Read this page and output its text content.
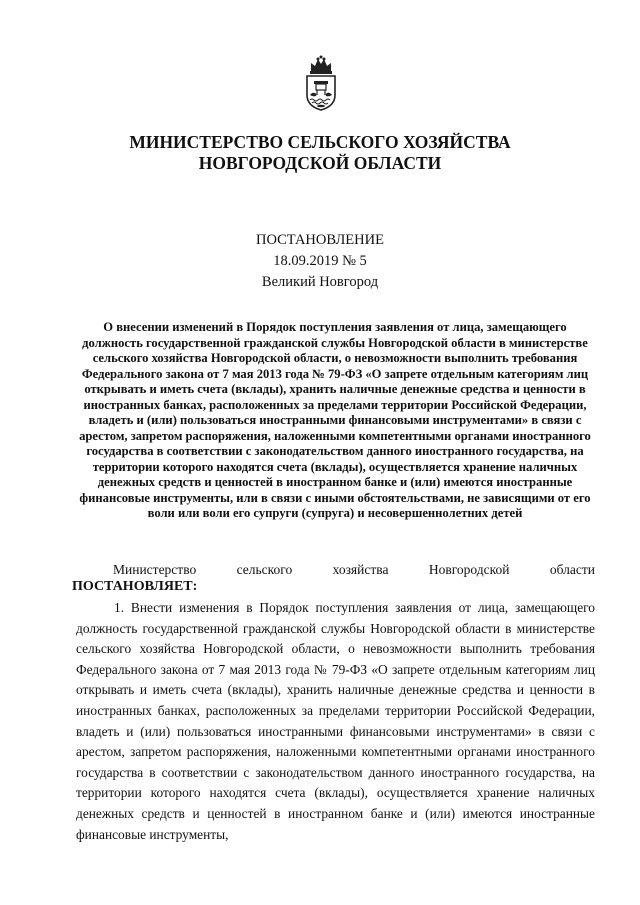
МИНИСТЕРСТВО СЕЛЬСКОГО ХОЗЯЙСТВА
НОВГОРОДСКОЙ ОБЛАСТИ
ПОСТАНОВЛЕНИЕ
18.09.2019 № 5
Великий Новгород
О внесении изменений в Порядок поступления заявления от лица, замещающего должность государственной гражданской службы Новгородской области в министерстве сельского хозяйства Новгородской области, о невозможности выполнить требования Федерального закона от 7 мая 2013 года № 79-ФЗ «О запрете отдельным категориям лиц открывать и иметь счета (вклады), хранить наличные денежные средства и ценности в иностранных банках, расположенных за пределами территории Российской Федерации, владеть и (или) пользоваться иностранными финансовыми инструментами» в связи с арестом, запретом распоряжения, наложенными компетентными органами иностранного государства в соответствии с законодательством данного иностранного государства, на территории которого находятся счета (вклады), осуществляется хранение наличных денежных средств и ценностей в иностранном банке и (или) имеются иностранные финансовые инструменты, или в связи с иными обстоятельствами, не зависящими от его воли или воли его супруги (супруга) и несовершеннолетних детей
Министерство	сельского	хозяйства	Новгородской	области
ПОСТАНОВЛЯЕТ:

1. Внести изменения в Порядок поступления заявления от лица, замещающего должность государственной гражданской службы Новгородской области в министерстве сельского хозяйства Новгородской области, о невозможности выполнить требования Федерального закона от 7 мая 2013 года № 79-ФЗ «О запрете отдельным категориям лиц открывать и иметь счета (вклады), хранить наличные денежные средства и ценности в иностранных банках, расположенных за пределами территории Российской Федерации, владеть и (или) пользоваться иностранными финансовыми инструментами» в связи с арестом, запретом распоряжения, наложенными компетентными органами иностранного государства в соответствии с законодательством данного иностранного государства, на территории которого находятся счета (вклады), осуществляется хранение наличных денежных средств и ценностей в иностранном банке и (или) имеются иностранные финансовые инструменты,
